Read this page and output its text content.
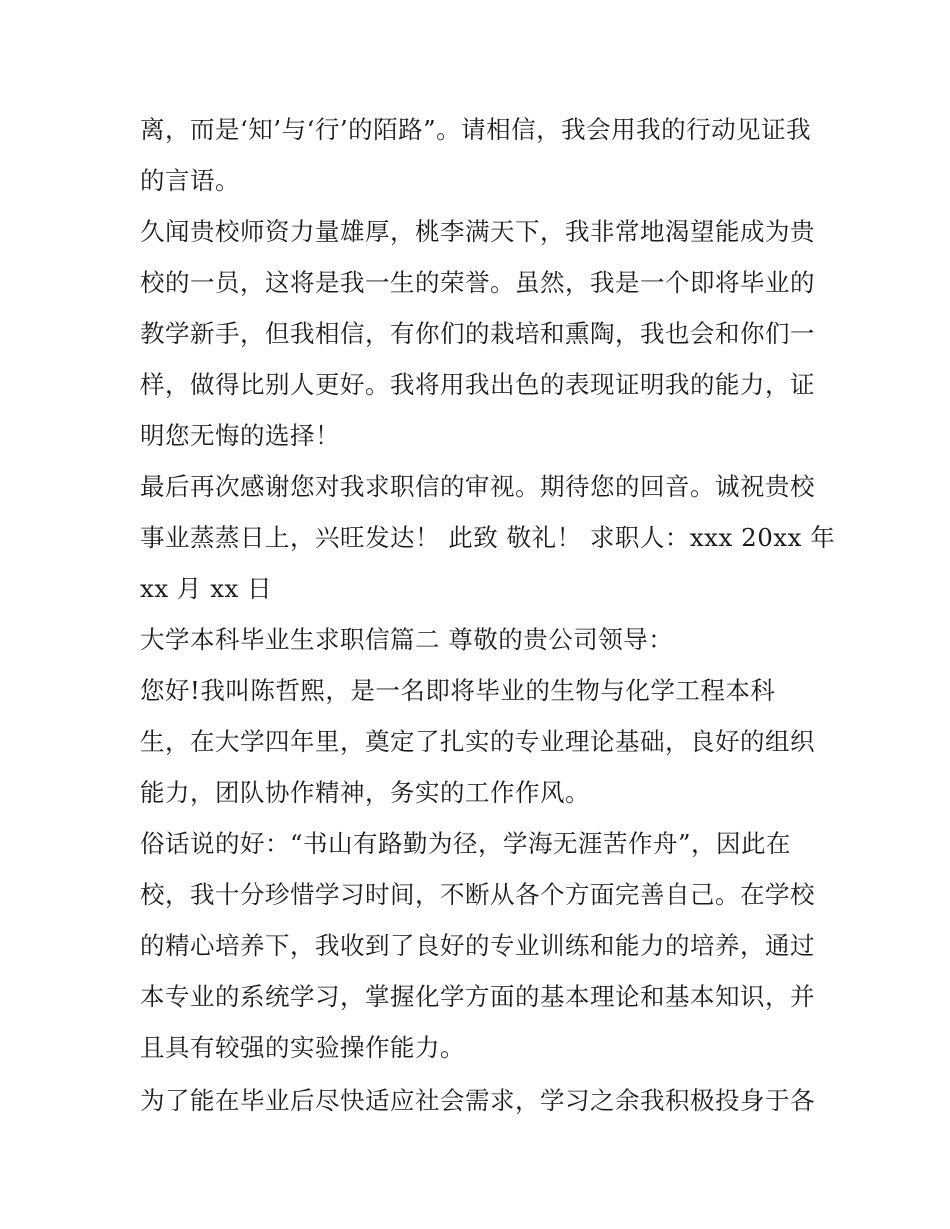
离，而是‘知’与‘行’的陌路”。请相信，我会用我的行动见证我
的言语。
久闻贵校师资力量雄厚，桃李满天下，我非常地渴望能成为贵
校的一员，这将是我一生的荣誉。虽然，我是一个即将毕业的
教学新手，但我相信，有你们的栽培和熏陶，我也会和你们一
样，做得比别人更好。我将用我出色的表现证明我的能力，证
明您无悔的选择！
最后再次感谢您对我求职信的审视。期待您的回音。诚祝贵校
事业蒸蒸日上，兴旺发达！ 此致 敬礼！ 求职人：xxx 20xx 年
xx 月 xx 日
大学本科毕业生求职信篇二 尊敬的贵公司领导：
您好!我叫陈哲熙，是一名即将毕业的生物与化学工程本科
生，在大学四年里，奠定了扎实的专业理论基础，良好的组织
能力，团队协作精神，务实的工作作风。
俗话说的好：“书山有路勤为径，学海无涯苦作舟”，因此在
校，我十分珍惜学习时间，不断从各个方面完善自己。在学校
的精心培养下，我收到了良好的专业训练和能力的培养，通过
本专业的系统学习，掌握化学方面的基本理论和基本知识，并
且具有较强的实验操作能力。
为了能在毕业后尽快适应社会需求，学习之余我积极投身于各
